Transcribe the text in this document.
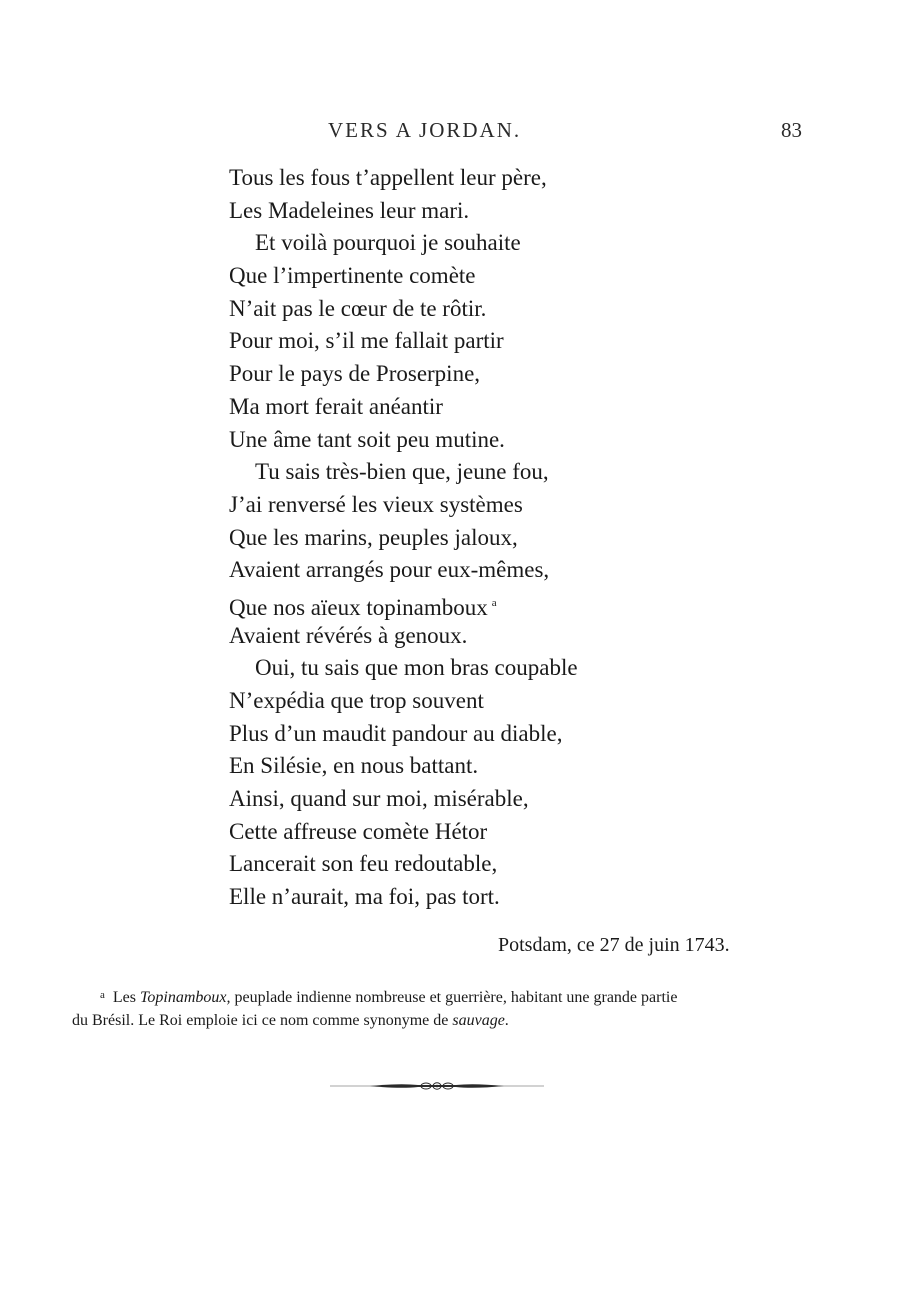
VERS A JORDAN.	83
Tous les fous t’appellent leur père,
Les Madeleines leur mari.
Et voilà pourquoi je souhaite
Que l’impertinente comète
N’ait pas le cœur de te rôtir.
Pour moi, s’il me fallait partir
Pour le pays de Proserpine,
Ma mort ferait anéantir
Une âme tant soit peu mutine.
Tu sais très-bien que, jeune fou,
J’ai renversé les vieux systèmes
Que les marins, peuples jaloux,
Avaient arrangés pour eux-mêmes,
Que nos aïeux topinamboux $^a$
Avaient révérés à genoux.
Oui, tu sais que mon bras coupable
N’expédia que trop souvent
Plus d’un maudit pandour au diable,
En Silésie, en nous battant.
Ainsi, quand sur moi, misérable,
Cette affreuse comète Hétor
Lancerait son feu redoutable,
Elle n’aurait, ma foi, pas tort.
Potsdam, ce 27 de juin 1743.
$^a$ Les Topinamboux, peuplade indienne nombreuse et guerrière, habitant une grande partie
du Brésil. Le Roi emploie ici ce nom comme synonyme de sauvage.
